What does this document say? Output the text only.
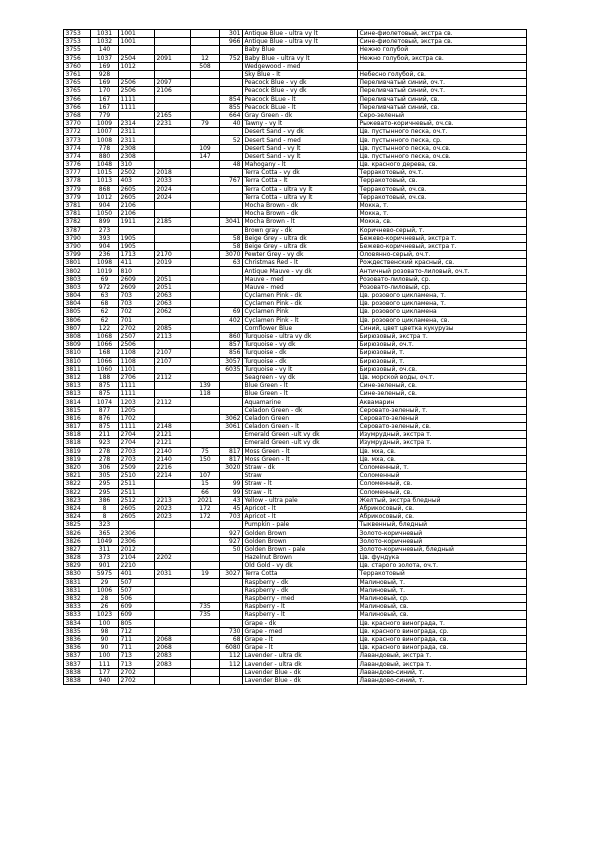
3753	1031	1001			301	Antique Blue - ultra vy lt	Сине-фиолетовый, экстра св.
3753	1032	1001			966	Antique Blue - ultra vy lt	Сине-фиолетовый, экстра св.
3755	140					Baby Blue	Нежно голубой
3756	1037	2504	2091	12	752	Baby Blue - ultra vy lt	Нежно голубой, экстра св.
3760	169	1012		508		Wedgewood - med	
3761	928					Sky Blue - lt	Небесно голубой, св.
3765	169	2506	2097			Peacock Blue - vy dk	Переливчатый синий, оч.т.
3765	170	2506	2106			Peacock Blue - vy dk	Переливчатый синий, оч.т.
3766	167	1111			854	Peacock BLue - lt	Переливчатый синий, св.
3766	167	1111			855	Peacock BLue - lt	Переливчатый синий, св.
3768	779		2165		664	Gray Green - dk	Серо-зеленый
3770	1009	2314	2231	79	40	Tawny - vy lt	Рыжевато-коричневый, оч.св.
3772	1007	2311				Desert Sand - vy dk	Цв. пустынного песка, оч.т.
3773	1008	2311			52	Desert Sand - med	Цв. пустынного песка, ср.
3774	778	2308		109		Desert Sand - vy lt	Цв. пустынного песка, оч.св.
3774	880	2308		147		Desert Sand - vy lt	Цв. пустынного песка, оч.св.
3776	1048	310			48	Mahogany - lt	Цв. красного дерева, св.
3777	1015	2502	2018			Terra Cotta - vy dk	Терракотовый, оч.т.
3778	1013	403	2033		767	Terra Cotta - lt	Терракотовый, св.
3779	868	2605	2024			Terra Cotta - ultra vy lt	Терракотовый, оч.св.
3779	1012	2605	2024			Terra Cotta - ultra vy lt	Терракотовый, оч.св.
3781	904	2106				Mocha Brown - dk	Мокка, т.
3781	1050	2106				Mocha Brown - dk	Мокка, т.
3782	899	1911	2185		3041	Mocha Brown - lt	Мокка, св.
3787	273					Brown gray - dk	Коричнево-серый, т.
3790	393	1905			58	Beige Grey - ultra dk	Бежево-коричневый, экстра т.
3790	904	1905			58	Beige Grey - ultra dk	Бежево-коричневый, экстра т.
3799	236	1713	2170		3070	Pewter Grey - vy dk	Оловянно-серый, оч.т.
3801	1098	411	2019		63	Christmas Red - lt	Рождественский красный, св.
3802	1019	810				Antique Mauve - vy dk	Античный розовато-лиловый, оч.т.
3803	69	2609	2051			Mauve - med	Розовато-лиловый, ср.
3803	972	2609	2051			Mauve - med	Розовато-лиловый, ср.
3804	63	703	2063			Cyclamen Pink - dk	Цв. розового цикламена, т.
3804	68	703	2063			Cyclamen Pink - dk	Цв. розового цикламена, т.
3805	62	702	2062		69	Cyclamen Pink	Цв. розового цикламена
3806	62	701			402	Cyclamen Pink - lt	Цв. розового цикламена, св.
3807	122	2702	2085			Cornflower Blue	Синий, цвет цветка кукурузы
3808	1068	2507	2113		860	Turquoise - ultra vy dk	Бирюзовый, экстра т.
3809	1066	2506			857	Turquoise - vy dk	Бирюзовый, оч.т.
3810	168	1108	2107		856	Turquoise - dk	Бирюзовый, т.
3810	1066	1108	2107		3057	Turquoise - dk	Бирюзовый, т.
3811	1060	1101			6035	Turquoise - vy lt	Бирюзовый, оч.св.
3812	188	2706	2112			Seagreen - vy dk	Цв. морской воды, оч.т.
3813	875	1111		139		Blue Green - lt	Сине-зеленый, св.
3813	875	1111		118		Blue Green - lt	Сине-зеленый, св.
3814	1074	1203	2112			Aquamarine	Аквамарин
3815	877	1205				Celadon Green - dk	Серовато-зеленый, т.
3816	876	1702			3062	Celadon Green	Серовато-зеленый
3817	875	1111	2148		3061	Celadon Green - lt	Серовато-зеленый, св.
3818	211	2704	2121			Emerald Green -ult vy dk	Изумрудный, экстра т.
3818	923	2704	2121			Emerald Green -ult vy dk	Изумрудный, экстра т.
3819	278	2703	2140	75	817	Moss Green - lt	Цв. мха, св.
3819	278	2703	2140	150	817	Moss Green - lt	Цв. мха, св.
3820	306	2509	2216		3020	Straw - dk	Соломенный, т.
3821	305	2510	2214	107		Straw	Соломенный
3822	295	2511		15	99	Straw - lt	Соломенный, св.
3822	295	2511		66	99	Straw - lt	Соломенный, св.
3823	386	2512	2213	2021	43	Yellow - ultra pale	Желтый, экстра бледный
3824	8	2605	2023	172	45	Apricot - lt	Абрикосовый, св.
3824	8	2605	2023	172	703	Apricot - lt	Абрикосовый, св.
3825	323					Pumpkin - pale	Тыквенный, бледный
3826	365	2306			927	Golden Brown	Золото-коричневый
3826	1049	2306			927	Golden Brown	Золото-коричневый
3827	311	2012			50	Golden Brown - pale	Золото-коричневый, бледный
3828	373	2104	2202			Hazelnut Brown	Цв. фундука
3829	901	2210				Old Gold - vy dk	Цв. старого золота, оч.т.
3830	5975	401	2031	19	3027	Terra Cotta	Терракотовый
3831	29	507				Raspberry - dk	Малиновый, т.
3831	1006	507				Raspberry - dk	Малиновый, т.
3832	28	506				Raspberry - med	Малиновый, ср.
3833	26	609		735		Raspberry - lt	Малиновый, св.
3833	1023	609		735		Raspberry - lt	Малиновый, св.
3834	100	805				Grape - dk	Цв. красного винограда, т.
3835	98	712			730	Grape - med	Цв. красного винограда, ср.
3836	90	711	2068		68	Grape - lt	Цв. красного винограда, св.
3836	90	711	2068		6080	Grape - lt	Цв. красного винограда, св.
3837	100	713	2083		112	Lavender - ultra dk	Лавандовый, экстра т.
3837	111	713	2083		112	Lavender - ultra dk	Лавандовый, экстра т.
3838	177	2702				Lavender Blue - dk	Лавандово-синий, т.
3838	940	2702				Lavender Blue - dk	Лавандово-синий, т.
